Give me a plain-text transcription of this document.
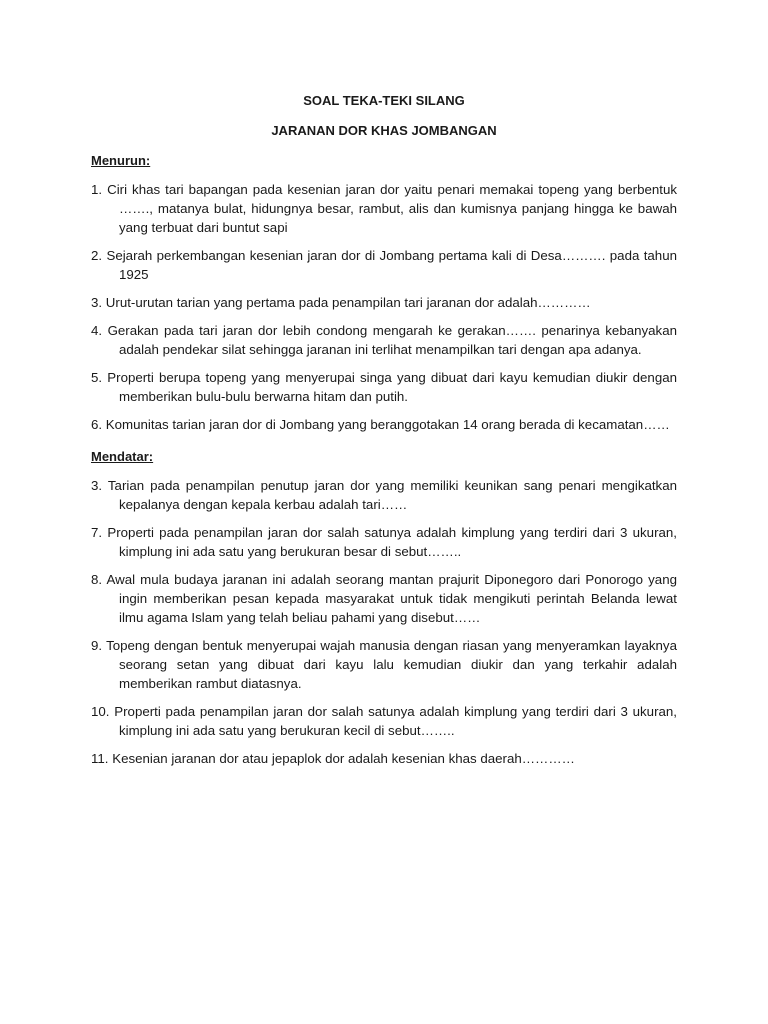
SOAL TEKA-TEKI SILANG

JARANAN DOR KHAS JOMBANGAN

Menurun:
1. Ciri khas tari bapangan pada kesenian jaran dor yaitu penari memakai topeng yang berbentuk ……., matanya bulat, hidungnya besar, rambut, alis dan kumisnya panjang hingga ke bawah yang terbuat dari buntut sapi
2. Sejarah perkembangan kesenian jaran dor di Jombang pertama kali di Desa………. pada tahun 1925
3. Urut-urutan tarian yang pertama pada penampilan tari jaranan dor adalah…………
4. Gerakan pada tari jaran dor lebih condong mengarah ke gerakan……. penarinya kebanyakan adalah pendekar silat sehingga jaranan ini terlihat menampilkan tari dengan apa adanya.
5. Properti berupa topeng yang menyerupai singa yang dibuat dari kayu kemudian diukir dengan memberikan bulu-bulu berwarna hitam dan putih.
6. Komunitas tarian jaran dor di Jombang yang beranggotakan 14 orang berada di kecamatan……
Mendatar:
3. Tarian pada penampilan penutup jaran dor yang memiliki keunikan sang penari mengikatkan kepalanya dengan kepala kerbau adalah tari……
7. Properti pada penampilan jaran dor salah satunya adalah kimplung yang terdiri dari 3 ukuran, kimplung ini ada satu yang berukuran besar di sebut……..
8. Awal mula budaya jaranan ini adalah seorang mantan prajurit Diponegoro dari Ponorogo yang ingin memberikan pesan kepada masyarakat untuk tidak mengikuti perintah Belanda lewat ilmu agama Islam yang telah beliau pahami yang disebut……
9. Topeng dengan bentuk menyerupai wajah manusia dengan riasan yang menyeramkan layaknya seorang setan yang dibuat dari kayu lalu kemudian diukir dan yang terkahir adalah memberikan rambut diatasnya.
10. Properti pada penampilan jaran dor salah satunya adalah kimplung yang terdiri dari 3 ukuran, kimplung ini ada satu yang berukuran kecil di sebut……..
11. Kesenian jaranan dor atau jepaplok dor adalah kesenian khas daerah…………
